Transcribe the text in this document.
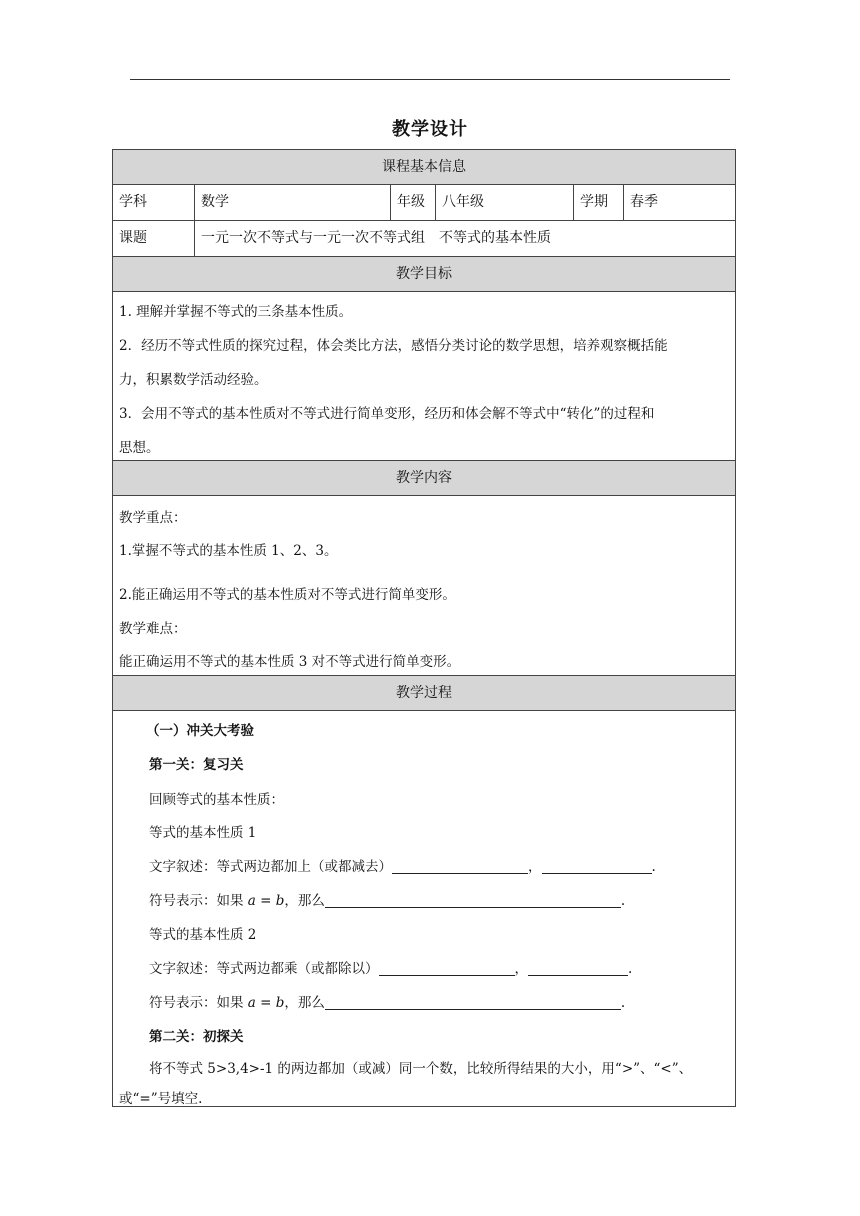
教学设计
课程基本信息
学科	数学	年级	八年级	学期	春季
课题	一元一次不等式与一元一次不等式组　不等式的基本性质
教学目标
1. 理解并掌握不等式的三条基本性质。
2．经历不等式性质的探究过程，体会类比方法，感悟分类讨论的数学思想，培养观察概括能
力，积累数学活动经验。
3．会用不等式的基本性质对不等式进行简单变形，经历和体会解不等式中“转化”的过程和
思想。
教学内容
教学重点：
1.掌握不等式的基本性质 1、2、3。
2.能正确运用不等式的基本性质对不等式进行简单变形。
教学难点：
能正确运用不等式的基本性质 3 对不等式进行简单变形。
教学过程
（一）冲关大考验
第一关：复习关
回顾等式的基本性质：
等式的基本性质 1
文字叙述：等式两边都加上（或都减去）	，	.
符号表示：如果 a = b，那么	.
等式的基本性质 2
文字叙述：等式两边都乘（或都除以）	，	.
符号表示：如果 a = b，那么	.
第二关：初探关
将不等式 5>3,4>-1 的两边都加（或减）同一个数，比较所得结果的大小，用“>”、“<”、
或“=”号填空.
